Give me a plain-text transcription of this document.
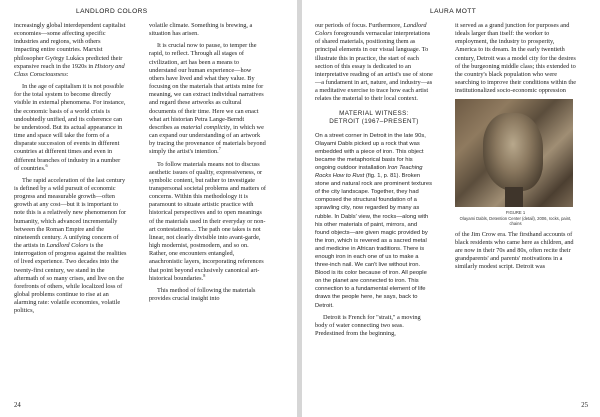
LANDLORD COLORS

increasingly global interdependent capitalist economies—some affecting specific industries and regions, with others impacting entire countries. Marxist philosopher György Lukács predicted their expansive reach in the 1920s in History and Class Consciousness:

In the age of capitalism it is not possible for the total system to become directly visible in external phenomena. For instance, the economic basis of a world crisis is undoubtedly unified, and its coherence can be understood. But its actual appearance in time and space will take the form of a disparate succession of events in different countries at different times and even in different branches of industry in a number of countries.$^6$

The rapid acceleration of the last century is defined by a wild pursuit of economic progress and measurable growth—often growth at any cost—but it is important to note this is a relatively new phenomenon for humanity, which advanced incrementally between the Roman Empire and the nineteenth century. A unifying concern of the artists in Landlord Colors is the interrogation of progress against the realities of lived experience. Two decades into the twenty-first century, we stand in the aftermath of so many crises, and live on the forefronts of others, while localized loss of global problems continue to rise at an alarming rate: volatile economies, volatile politics,

volatile climate. Something is brewing, a situation has arisen.

It is crucial now to pause, to temper the rapid, to reflect. Through all stages of civilization, art has been a means to understand our human experience—how others have lived and what they value. By focusing on the materials that artists mine for meaning, we can extract individual narratives and regard these artworks as cultural documents of their time. Here we can enact what art historian Petra Lange-Berndt describes as material complicity, in which we can expand our understanding of an artwork by tracing the provenance of materials beyond simply the artist's intention.$^7$

To follow materials means not to discuss aesthetic issues of quality, expressiveness, or symbolic content, but rather to investigate transpersonal societal problems and matters of concerns. Within this methodology it is paramount to situate artistic practice with historical perspectives and to open meanings of the materials used in their everyday or non-art contestations.... The path one takes is not linear, not clearly divisible into avant-garde, high modernist, postmodern, and so on. Rather, one encounters entangled, anachronistic layers, incorporating references that point beyond exclusively canonical art-historical boundaries.$^8$

This method of following the materials provides crucial insight into

24
LAURA MOTT

our periods of focus. Furthermore, Landlord Colors foregrounds vernacular interpretations of shared materials, positioning them as principal elements in our visual language. To illustrate this in practice, the start of each section of this essay is dedicated to an interpretative reading of an artist's use of stone—a fundament in art, nature, and industry—as a meditative exercise to trace how each artist relates the material to their local context.

MATERIAL WITNESS:
DETROIT (1967–PRESENT)

On a street corner in Detroit in the late 90s, Olayami Dabls picked up a rock that was embedded with a piece of iron. This object became the metaphorical basis for his ongoing outdoor installation Iron Teaching Rocks How to Rust (fig. 1, p. 81). Broken stone and natural rock are prominent textures of the city landscape. Together, they had composed the structural foundation of a sprawling city, now regarded by many as rubble. In Dabls' view, the rocks—along with his other materials of paint, mirrors, and found objects—are given magic provided by the iron, which is revered as a sacred metal and medicine in African traditions. There is enough iron in each one of us to make a three-inch nail. We can't live without iron. Blood is its color because of iron. All people on the planet are connected to iron. This connection to a fundamental element of life draws the people here, he says, back to Detroit.

Detroit is French for "strait," a moving body of water connecting two seas. Predestined from the beginning,

it served as a grand junction for purposes and ideals larger than itself: the worker to employment, the industry to prosperity, America to its dream. In the early twentieth century, Detroit was a model city for the desires of the burgeoning middle class; this extended to the country's black population who were searching to improve their conditions within the institutionalized socio-economic oppression

FIGURE 1
Olayami Dabls, Detention Center (detail), 2006, rocks, paint, chains

of the Jim Crow era. The firsthand accounts of black residents who came here as children, and are now in their 70s and 80s, often recite their grandparents' and parents' motivations in a similarly modest script. Detroit was

25
